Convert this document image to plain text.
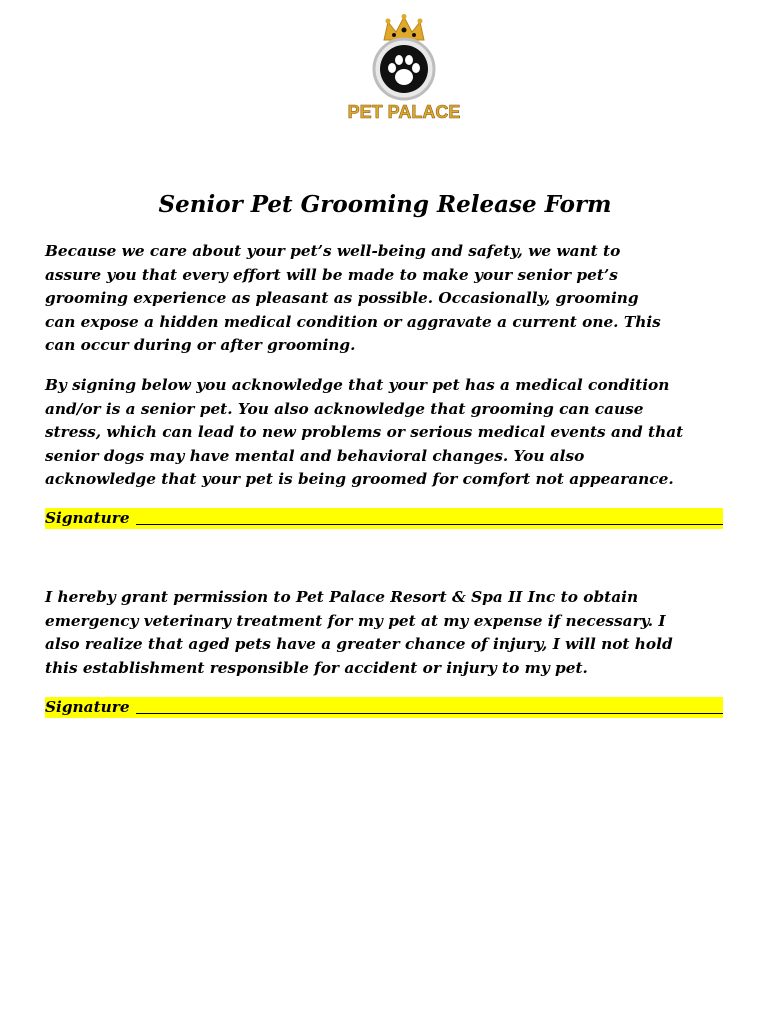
PET PALACE
Senior Pet Grooming Release Form

Because we care about your pet’s well-being and safety, we want to
assure you that every effort will be made to make your senior pet’s
grooming experience as pleasant as possible. Occasionally, grooming
can expose a hidden medical condition or aggravate a current one. This
can occur during or after grooming.

By signing below you acknowledge that your pet has a medical condition
and/or is a senior pet. You also acknowledge that grooming can cause
stress, which can lead to new problems or serious medical events and that
senior dogs may have mental and behavioral changes. You also
acknowledge that your pet is being groomed for comfort not appearance.

Signature

I hereby grant permission to Pet Palace Resort & Spa II Inc to obtain
emergency veterinary treatment for my pet at my expense if necessary. I
also realize that aged pets have a greater chance of injury, I will not hold
this establishment responsible for accident or injury to my pet.

Signature
